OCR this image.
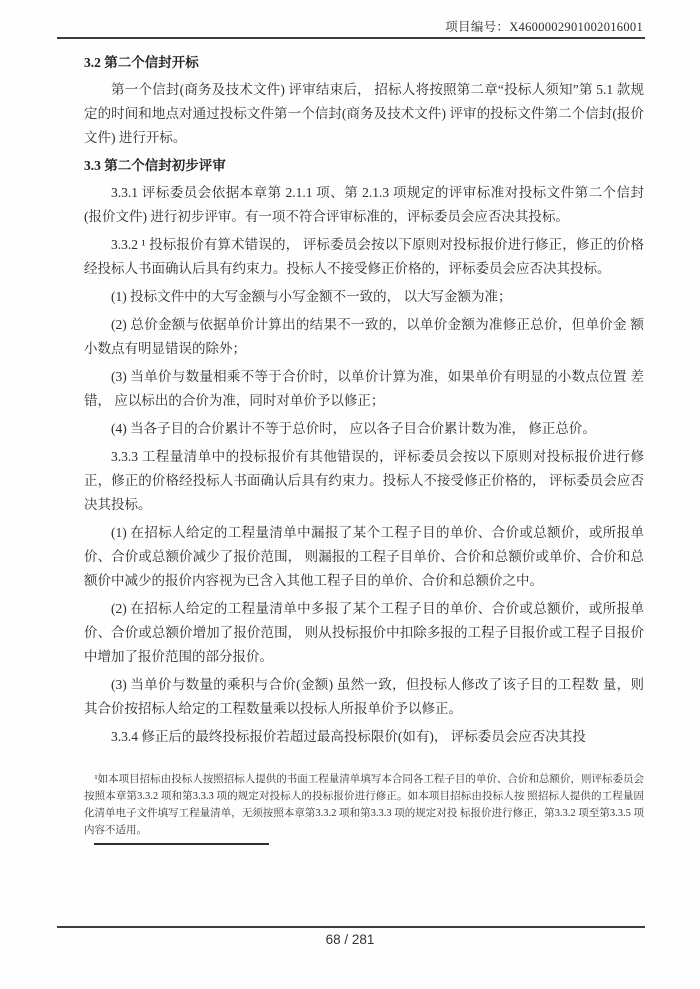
项目编号：X4600002901002016001

3.2 第二个信封开标

第一个信封(商务及技术文件) 评审结束后， 招标人将按照第二章“投标人须知”第 5.1 款规定的时间和地点对通过投标文件第一个信封(商务及技术文件) 评审的投标文件第二个信封(报价文件) 进行开标。

3.3 第二个信封初步评审

3.3.1 评标委员会依据本章第 2.1.1 项、第 2.1.3 项规定的评审标准对投标文件第二个信封(报价文件) 进行初步评审。有一项不符合评审标准的，评标委员会应否决其投标。

3.3.2 ¹ 投标报价有算术错误的， 评标委员会按以下原则对投标报价进行修正，修正的价格经投标人书面确认后具有约束力。投标人不接受修正价格的，评标委员会应否决其投标。

(1) 投标文件中的大写金额与小写金额不一致的， 以大写金额为准；

(2) 总价金额与依据单价计算出的结果不一致的，以单价金额为准修正总价，但单价金 额小数点有明显错误的除外；

(3) 当单价与数量相乘不等于合价时，以单价计算为准，如果单价有明显的小数点位置 差错， 应以标出的合价为准，同时对单价予以修正；

(4) 当各子目的合价累计不等于总价时， 应以各子目合价累计数为准， 修正总价。

3.3.3 工程量清单中的投标报价有其他错误的，评标委员会按以下原则对投标报价进行修正，修正的价格经投标人书面确认后具有约束力。投标人不接受修正价格的， 评标委员会应否决其投标。

(1) 在招标人给定的工程量清单中漏报了某个工程子目的单价、合价或总额价，或所报单价、合价或总额价减少了报价范围， 则漏报的工程子目单价、合价和总额价或单价、合价和总额价中减少的报价内容视为已含入其他工程子目的单价、合价和总额价之中。

(2) 在招标人给定的工程量清单中多报了某个工程子目的单价、合价或总额价，或所报单价、合价或总额价增加了报价范围， 则从投标报价中扣除多报的工程子目报价或工程子目报价中增加了报价范围的部分报价。

(3) 当单价与数量的乘积与合价(金额) 虽然一致，但投标人修改了该子目的工程数 量，则其合价按招标人给定的工程数量乘以投标人所报单价予以修正。

3.3.4 修正后的最终投标报价若超过最高投标限价(如有)， 评标委员会应否决其投

¹如本项目招标由投标人按照招标人提供的书面工程量清单填写本合同各工程子目的单价、合价和总额价，则评标委员会按照本章第3.3.2 项和第3.3.3 项的规定对投标人的投标报价进行修正。如本项目招标由投标人按 照招标人提供的工程量固化清单电子文件填写工程量清单，无须按照本章第3.3.2 项和第3.3.3 项的规定对投 标报价进行修正，第3.3.2 项至第3.3.5 项内容不适用。

68 / 281
